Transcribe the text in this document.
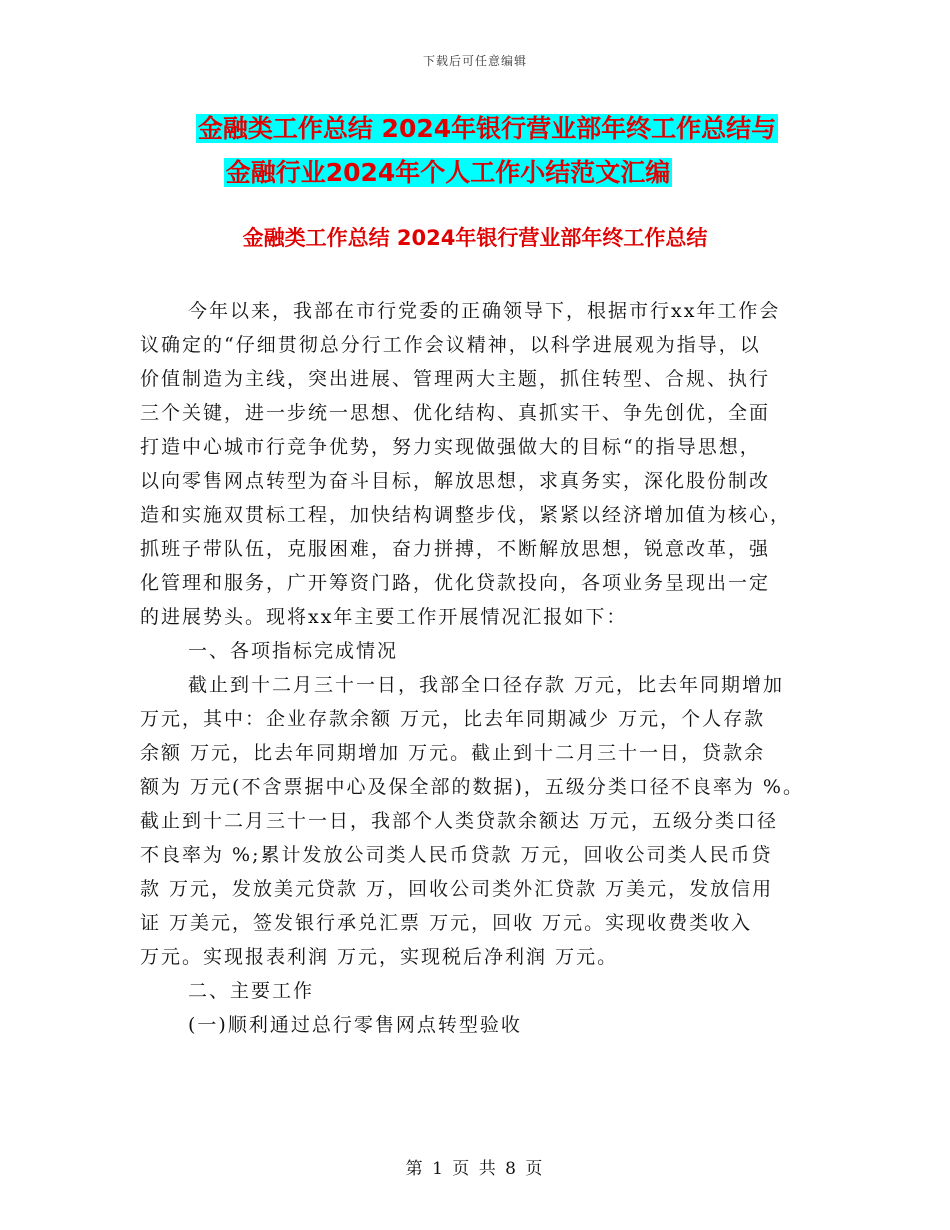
下载后可任意编辑
金融类工作总结 2024年银行营业部年终工作总结与
金融行业2024年个人工作小结范文汇编
金融类工作总结 2024年银行营业部年终工作总结
今年以来，我部在市行党委的正确领导下，根据市行xx年工作会
议确定的“仔细贯彻总分行工作会议精神，以科学进展观为指导，以
价值制造为主线，突出进展、管理两大主题，抓住转型、合规、执行
三个关键，进一步统一思想、优化结构、真抓实干、争先创优，全面
打造中心城市行竞争优势，努力实现做强做大的目标“的指导思想，
以向零售网点转型为奋斗目标，解放思想，求真务实，深化股份制改
造和实施双贯标工程，加快结构调整步伐，紧紧以经济增加值为核心，
抓班子带队伍，克服困难，奋力拼搏，不断解放思想，锐意改革，强
化管理和服务，广开筹资门路，优化贷款投向，各项业务呈现出一定
的进展势头。现将xx年主要工作开展情况汇报如下：
一、各项指标完成情况
截止到十二月三十一日，我部全口径存款 万元，比去年同期增加
万元，其中：企业存款余额 万元，比去年同期减少 万元，个人存款
余额 万元，比去年同期增加 万元。截止到十二月三十一日，贷款余
额为 万元(不含票据中心及保全部的数据)，五级分类口径不良率为 %。
截止到十二月三十一日，我部个人类贷款余额达 万元，五级分类口径
不良率为 %;累计发放公司类人民币贷款 万元，回收公司类人民币贷
款 万元，发放美元贷款 万，回收公司类外汇贷款 万美元，发放信用
证 万美元，签发银行承兑汇票 万元，回收 万元。实现收费类收入
万元。实现报表利润 万元，实现税后净利润 万元。
二、主要工作
(一)顺利通过总行零售网点转型验收
第 1 页 共 8 页
